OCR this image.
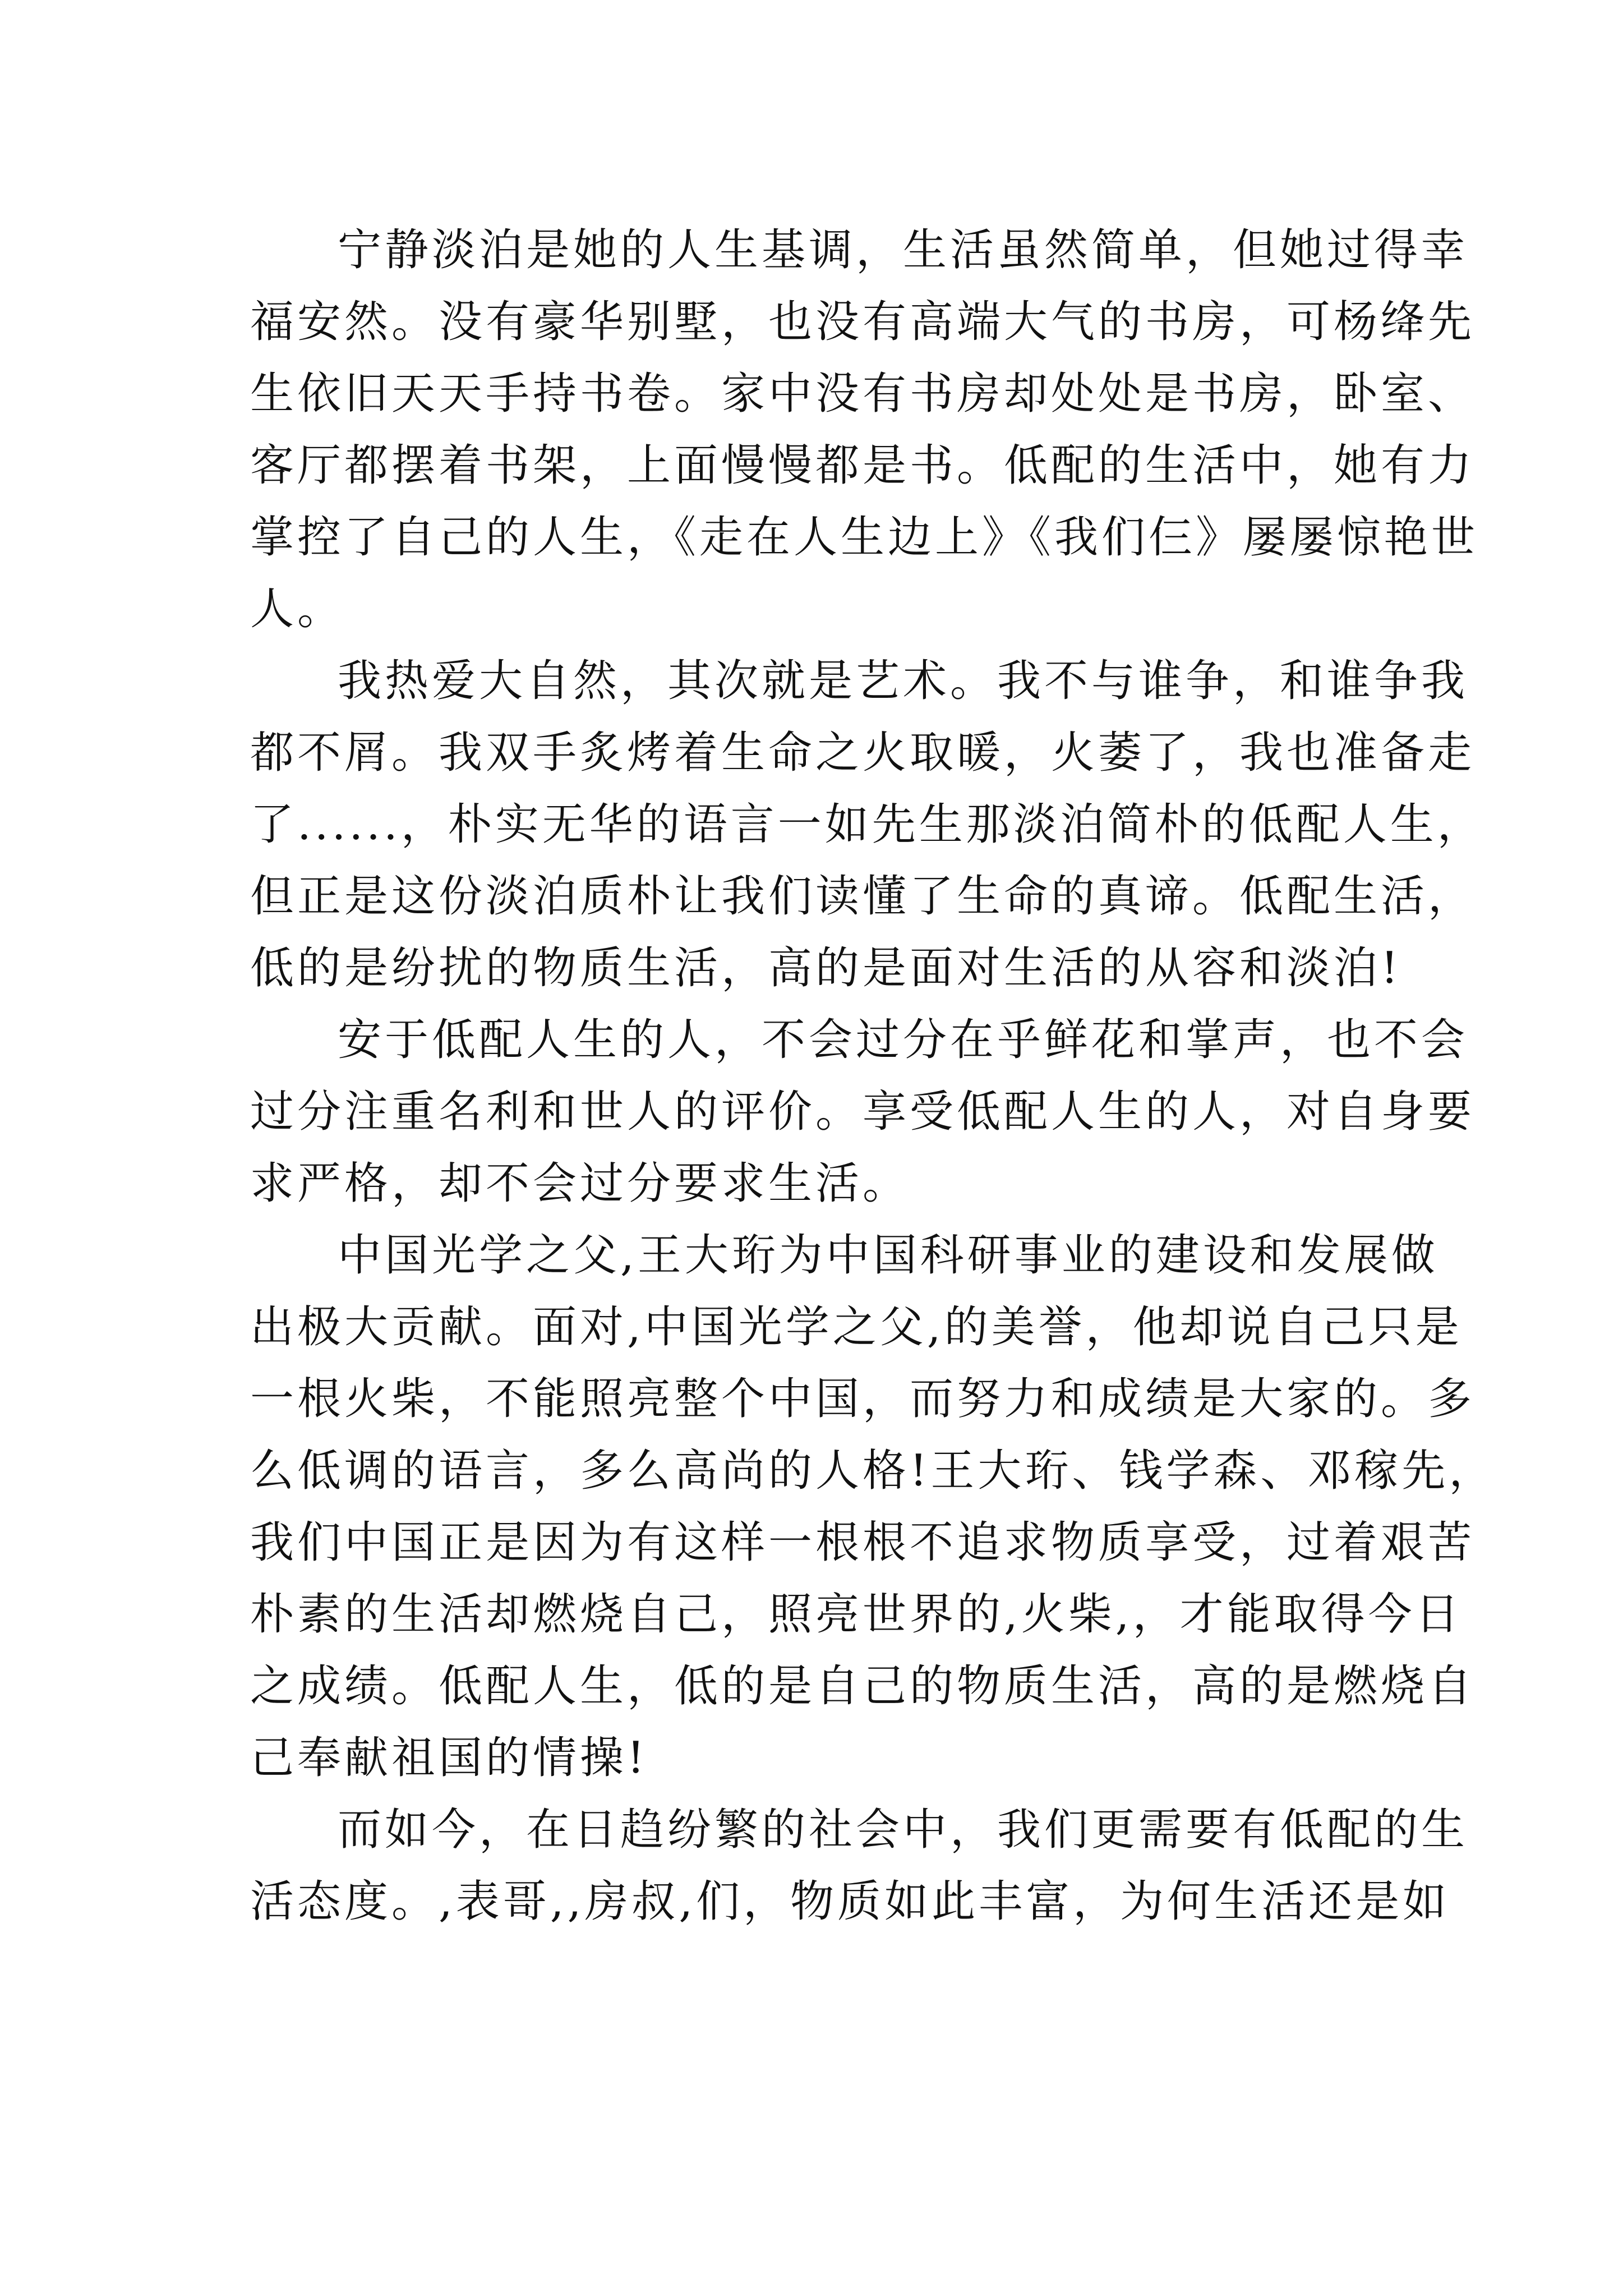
宁静淡泊是她的人生基调，生活虽然简单，但她过得幸
福安然。没有豪华别墅，也没有高端大气的书房，可杨绛先
生依旧天天手持书卷。家中没有书房却处处是书房，卧室、
客厅都摆着书架，上面慢慢都是书。低配的生活中，她有力
掌控了自己的人生，《走在人生边上》《我们仨》屡屡惊艳世
人。
我热爱大自然，其次就是艺术。我不与谁争，和谁争我
都不屑。我双手炙烤着生命之火取暖，火萎了，我也准备走
了......，朴实无华的语言一如先生那淡泊简朴的低配人生，
但正是这份淡泊质朴让我们读懂了生命的真谛。低配生活，
低的是纷扰的物质生活，高的是面对生活的从容和淡泊!
安于低配人生的人，不会过分在乎鲜花和掌声，也不会
过分注重名利和世人的评价。享受低配人生的人，对自身要
求严格，却不会过分要求生活。
中国光学之父,王大珩为中国科研事业的建设和发展做
出极大贡献。面对,中国光学之父,的美誉，他却说自己只是
一根火柴，不能照亮整个中国，而努力和成绩是大家的。多
么低调的语言，多么高尚的人格!王大珩、钱学森、邓稼先，
我们中国正是因为有这样一根根不追求物质享受，过着艰苦
朴素的生活却燃烧自己，照亮世界的,火柴,，才能取得今日
之成绩。低配人生，低的是自己的物质生活，高的是燃烧自
己奉献祖国的情操!
而如今，在日趋纷繁的社会中，我们更需要有低配的生
活态度。,表哥,,房叔,们，物质如此丰富，为何生活还是如
